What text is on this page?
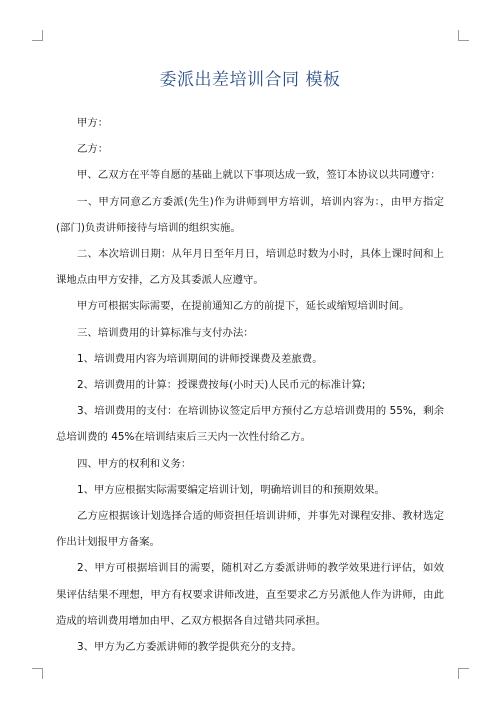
委派出差培训合同 模板

甲方：

乙方：

甲、乙双方在平等自愿的基础上就以下事项达成一致，签订本协议以共同遵守：

一、甲方同意乙方委派(先生)作为讲师到甲方培训，培训内容为：，由甲方指定(部门)负责讲师接待与培训的组织实施。

二、本次培训日期：从年月日至年月日，培训总时数为小时，具体上课时间和上课地点由甲方安排，乙方及其委派人应遵守。

甲方可根据实际需要，在提前通知乙方的前提下，延长或缩短培训时间。

三、培训费用的计算标准与支付办法：

1、培训费用内容为培训期间的讲师授课费及差旅费。

2、培训费用的计算：授课费按每(小时天)人民币元的标准计算;

3、培训费用的支付：在培训协议签定后甲方预付乙方总培训费用的 55%，剩余总培训费的 45%在培训结束后三天内一次性付给乙方。

四、甲方的权利和义务：

1、甲方应根据实际需要编定培训计划，明确培训目的和预期效果。

乙方应根据该计划选择合适的师资担任培训讲师，并事先对课程安排、教材选定作出计划报甲方备案。

2、甲方可根据培训目的需要，随机对乙方委派讲师的教学效果进行评估，如效果评估结果不理想，甲方有权要求讲师改进，直至要求乙方另派他人作为讲师，由此造成的培训费用增加由甲、乙双方根据各自过错共同承担。

3、甲方为乙方委派讲师的教学提供充分的支持。
